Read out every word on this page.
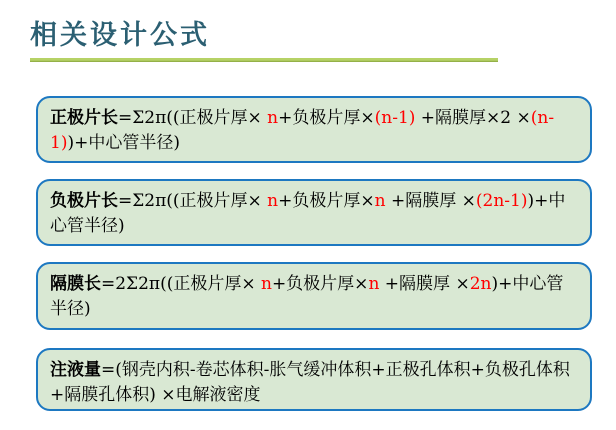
相关设计公式
正极片长=Σ2π((正极片厚× n+负极片厚×(n-1) +隔膜厚×2 ×(n-1))+中心管半径)
负极片长=Σ2π((正极片厚× n+负极片厚×n +隔膜厚 ×(2n-1))+中心管半径)
隔膜长=2Σ2π((正极片厚× n+负极片厚×n +隔膜厚 ×2n)+中心管半径)
注液量=(钢壳内积-卷芯体积-胀气缓冲体积+正极孔体积+负极孔体积+隔膜孔体积) ×电解液密度
